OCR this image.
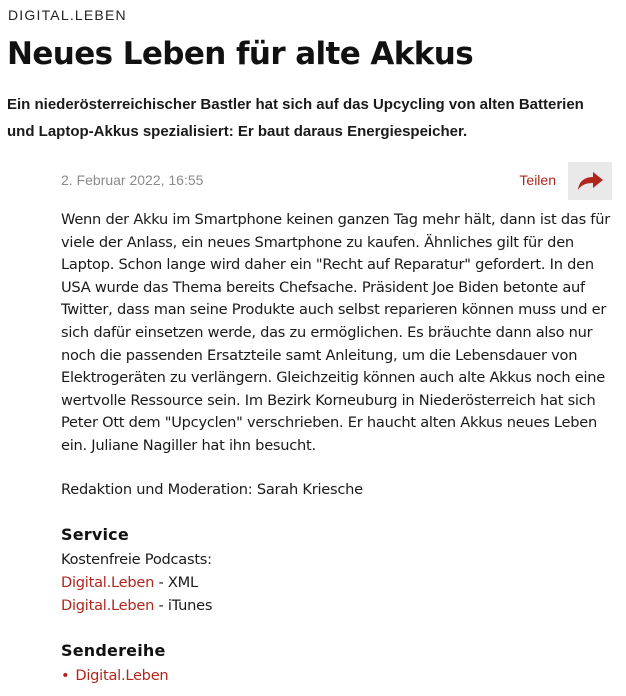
DIGITAL.LEBEN
Neues Leben für alte Akkus

Ein niederösterreichischer Bastler hat sich auf das Upcycling von alten Batterien und Laptop-Akkus spezialisiert: Er baut daraus Energiespeicher.

2. Februar 2022, 16:55	Teilen

Wenn der Akku im Smartphone keinen ganzen Tag mehr hält, dann ist das für viele der Anlass, ein neues Smartphone zu kaufen. Ähnliches gilt für den Laptop. Schon lange wird daher ein "Recht auf Reparatur" gefordert. In den USA wurde das Thema bereits Chefsache. Präsident Joe Biden betonte auf Twitter, dass man seine Produkte auch selbst reparieren können muss und er sich dafür einsetzen werde, das zu ermöglichen. Es bräuchte dann also nur noch die passenden Ersatzteile samt Anleitung, um die Lebensdauer von Elektrogeräten zu verlängern. Gleichzeitig können auch alte Akkus noch eine wertvolle Ressource sein. Im Bezirk Korneuburg in Niederösterreich hat sich Peter Ott dem "Upcyclen" verschrieben. Er haucht alten Akkus neues Leben ein. Juliane Nagiller hat ihn besucht.

Redaktion und Moderation: Sarah Kriesche

Service

Kostenfreie Podcasts:

Digital.Leben - XML

Digital.Leben - iTunes

Sendereihe

• Digital.Leben
